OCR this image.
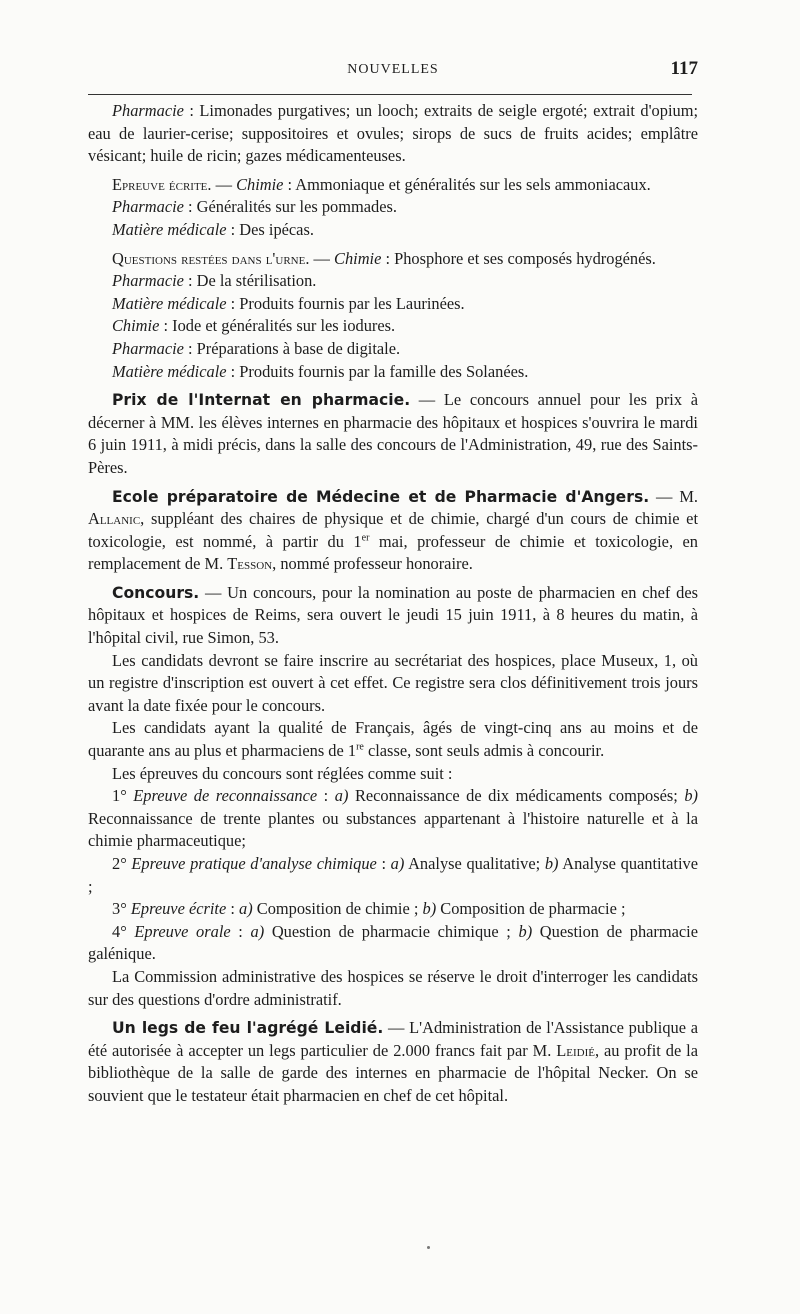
NOUVELLES	117

Pharmacie : Limonades purgatives; un looch; extraits de seigle ergoté; extrait d'opium; eau de laurier-cerise; suppositoires et ovules; sirops de sucs de fruits acides; emplâtre vésicant; huile de ricin; gazes médicamenteuses.

Epreuve écrite. — Chimie : Ammoniaque et généralités sur les sels ammoniacaux.

Pharmacie : Généralités sur les pommades.

Matière médicale : Des ipécas.

Questions restées dans l'urne. — Chimie : Phosphore et ses composés hydrogénés.

Pharmacie : De la stérilisation.

Matière médicale : Produits fournis par les Laurinées.

Chimie : Iode et généralités sur les iodures.

Pharmacie : Préparations à base de digitale.

Matière médicale : Produits fournis par la famille des Solanées.

Prix de l'Internat en pharmacie. — Le concours annuel pour les prix à décerner à MM. les élèves internes en pharmacie des hôpitaux et hospices s'ouvrira le mardi 6 juin 1911, à midi précis, dans la salle des concours de l'Administration, 49, rue des Saints-Pères.

Ecole préparatoire de Médecine et de Pharmacie d'Angers. — M. Allanic, suppléant des chaires de physique et de chimie, chargé d'un cours de chimie et toxicologie, est nommé, à partir du 1er mai, professeur de chimie et toxicologie, en remplacement de M. Tesson, nommé professeur honoraire.

Concours. — Un concours, pour la nomination au poste de pharmacien en chef des hôpitaux et hospices de Reims, sera ouvert le jeudi 15 juin 1911, à 8 heures du matin, à l'hôpital civil, rue Simon, 53.

Les candidats devront se faire inscrire au secrétariat des hospices, place Museux, 1, où un registre d'inscription est ouvert à cet effet. Ce registre sera clos définitivement trois jours avant la date fixée pour le concours.

Les candidats ayant la qualité de Français, âgés de vingt-cinq ans au moins et de quarante ans au plus et pharmaciens de 1re classe, sont seuls admis à concourir.

Les épreuves du concours sont réglées comme suit :

1° Epreuve de reconnaissance : a) Reconnaissance de dix médicaments composés; b) Reconnaissance de trente plantes ou substances appartenant à l'histoire naturelle et à la chimie pharmaceutique;

2° Epreuve pratique d'analyse chimique : a) Analyse qualitative; b) Analyse quantitative ;

3° Epreuve écrite : a) Composition de chimie ; b) Composition de pharmacie ;

4° Epreuve orale : a) Question de pharmacie chimique ; b) Question de pharmacie galénique.

La Commission administrative des hospices se réserve le droit d'interroger les candidats sur des questions d'ordre administratif.

Un legs de feu l'agrégé Leidié. — L'Administration de l'Assistance publique a été autorisée à accepter un legs particulier de 2.000 francs fait par M. Leidié, au profit de la bibliothèque de la salle de garde des internes en pharmacie de l'hôpital Necker. On se souvient que le testateur était pharmacien en chef de cet hôpital.
